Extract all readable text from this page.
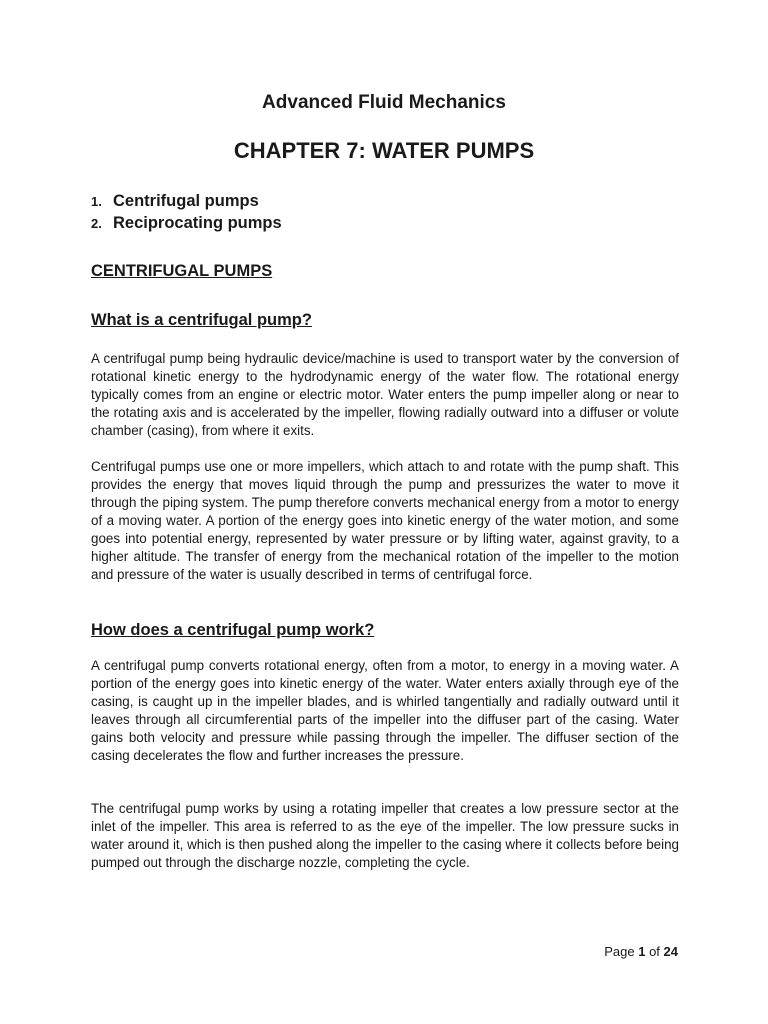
Advanced Fluid Mechanics
CHAPTER 7: WATER PUMPS
1. Centrifugal pumps
2. Reciprocating pumps
CENTRIFUGAL PUMPS
What is a centrifugal pump?

A centrifugal pump being hydraulic device/machine is used to transport water by the conversion of rotational kinetic energy to the hydrodynamic energy of the water flow. The rotational energy typically comes from an engine or electric motor. Water enters the pump impeller along or near to the rotating axis and is accelerated by the impeller, flowing radially outward into a diffuser or volute chamber (casing), from where it exits.

Centrifugal pumps use one or more impellers, which attach to and rotate with the pump shaft. This provides the energy that moves liquid through the pump and pressurizes the water to move it through the piping system. The pump therefore converts mechanical energy from a motor to energy of a moving water. A portion of the energy goes into kinetic energy of the water motion, and some goes into potential energy, represented by water pressure or by lifting water, against gravity, to a higher altitude. The transfer of energy from the mechanical rotation of the impeller to the motion and pressure of the water is usually described in terms of centrifugal force.

How does a centrifugal pump work?

A centrifugal pump converts rotational energy, often from a motor, to energy in a moving water. A portion of the energy goes into kinetic energy of the water. Water enters axially through eye of the casing, is caught up in the impeller blades, and is whirled tangentially and radially outward until it leaves through all circumferential parts of the impeller into the diffuser part of the casing. Water gains both velocity and pressure while passing through the impeller. The diffuser section of the casing decelerates the flow and further increases the pressure.

The centrifugal pump works by using a rotating impeller that creates a low pressure sector at the inlet of the impeller. This area is referred to as the eye of the impeller. The low pressure sucks in water around it, which is then pushed along the impeller to the casing where it collects before being pumped out through the discharge nozzle, completing the cycle.

Page 1 of 24
